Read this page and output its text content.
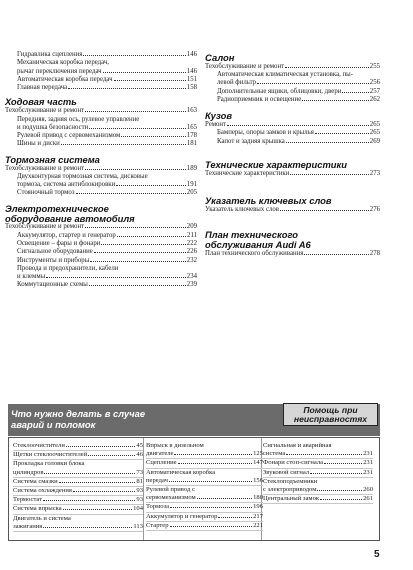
Гидравлика сцепления	146
Механическая коробка передач,
рычаг переключения передач	146
Автоматическая коробка передач	151
Главная передача	158
Ходовая часть
Техобслуживание и ремонт	163
Передняя, задняя ось, рулевое управление
и подушка безопасности	165
Рулевой привод с сервомеханизмом	178
Шины и диски	181
Тормозная система
Техобслуживание и ремонт	189
Двухконтурная тормозная система, дисковые
тормоза, система антиблокировки	191
Стояночный тормоз	205
Электротехническое
оборудование автомобиля
Техобслуживание и ремонт	209
Аккумулятор, стартер и генератор	211
Освещение – фары и фонари	222
Сигнальное оборудование	226
Инструменты и приборы	232
Провода и предохранители, кабели
и клеммы	234
Коммутационные схемы	239
Салон
Техобслуживание и ремонт	255
Автоматическая климатическая установка, пы-
левой фильтр	256
Дополнительные ящики, облицовки, двери	257
Радиоприемник и освещение	262
Кузов
Ремонт	265
Бамперы, опоры замков и крылья	265
Капот и задняя крышка	269
Технические характеристики
Технические характеристики	273
Указатель ключевых слов
Указатель ключевых слов	276
План технического
обслуживания Audi A6
План технического обслуживания	278
Что нужно делать в случае
аварий и поломок
Помощь при
неисправностях
Стеклоочистители	45
Щетки стеклоочистителей	46
Прокладка головки блока
цилиндров	73
Система смазки	81
Система охлаждения	93
Термостат	93
Система впрыска	104
Двигатель и система
зажигания	113
Впрыск в дизельном
двигателе	125
Сцепление	147
Автоматическая коробка
передач	156
Рулевой привод с
сервомеханизмом	180
Тормоза	196
Аккумулятор и генератор	217
Стартер	221
Сигнальная и аварийная
система	231
Фонари стоп-сигнала	231
Звуковой сигнал	231
Стеклоподъемники
с электроприводом	260
Центральный замок	261
5
